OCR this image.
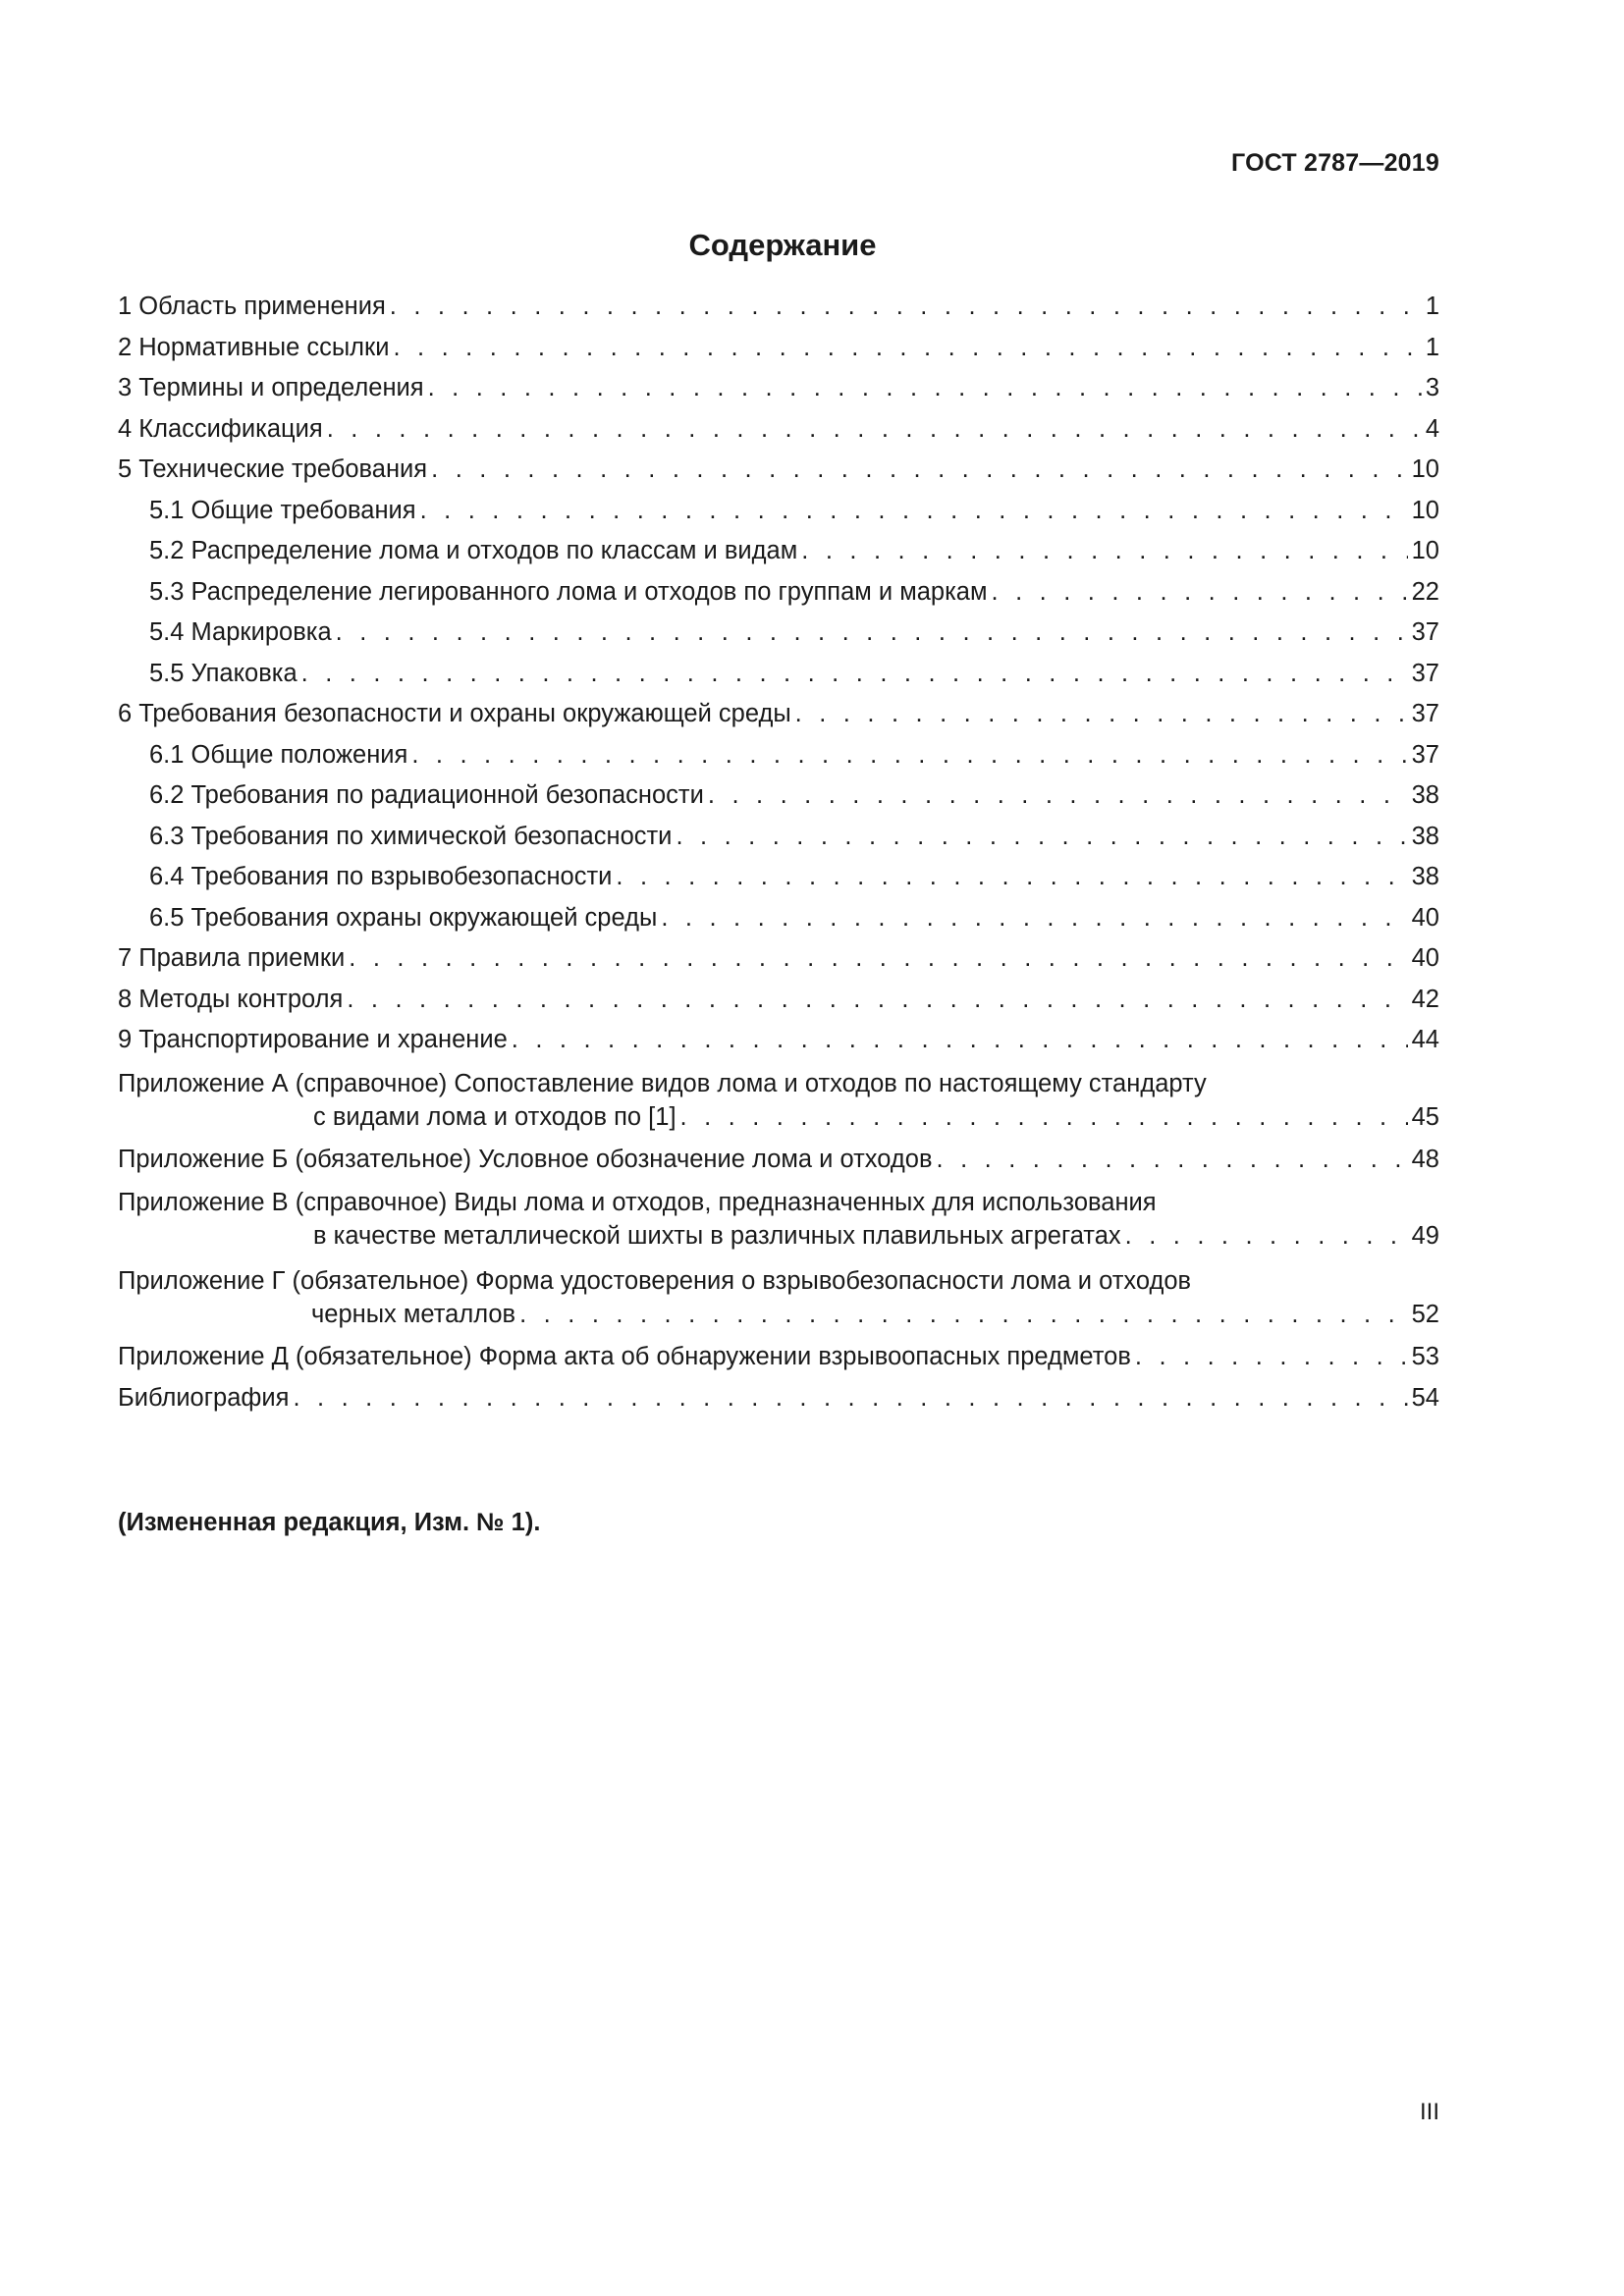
ГОСТ 2787—2019
Содержание
1 Область применения . . .	1
2 Нормативные ссылки . . .	1
3 Термины и определения . . .	3
4 Классификация . . .	4
5 Технические требования . . .	10
5.1 Общие требования . . .	10
5.2 Распределение лома и отходов по классам и видам . . .	10
5.3 Распределение легированного лома и отходов по группам и маркам . . .	22
5.4 Маркировка . . .	37
5.5 Упаковка . . .	37
6 Требования безопасности и охраны окружающей среды . . .	37
6.1 Общие положения . . .	37
6.2 Требования по радиационной безопасности . . .	38
6.3 Требования по химической безопасности . . .	38
6.4 Требования по взрывобезопасности . . .	38
6.5 Требования охраны окружающей среды . . .	40
7 Правила приемки . . .	40
8 Методы контроля . . .	42
9 Транспортирование и хранение . . .	44
Приложение А (справочное) Сопоставление видов лома и отходов по настоящему стандарту
с видами лома и отходов по [1] . . .	45
Приложение Б (обязательное) Условное обозначение лома и отходов . . .	48
Приложение В (справочное) Виды лома и отходов, предназначенных для использования
в качестве металлической шихты в различных плавильных агрегатах . . .	49
Приложение Г (обязательное) Форма удостоверения о взрывобезопасности лома и отходов
черных металлов . . .	52
Приложение Д (обязательное) Форма акта об обнаружении взрывоопасных предметов . . .	53
Библиография . . .	54
(Измененная редакция, Изм. № 1).
III
